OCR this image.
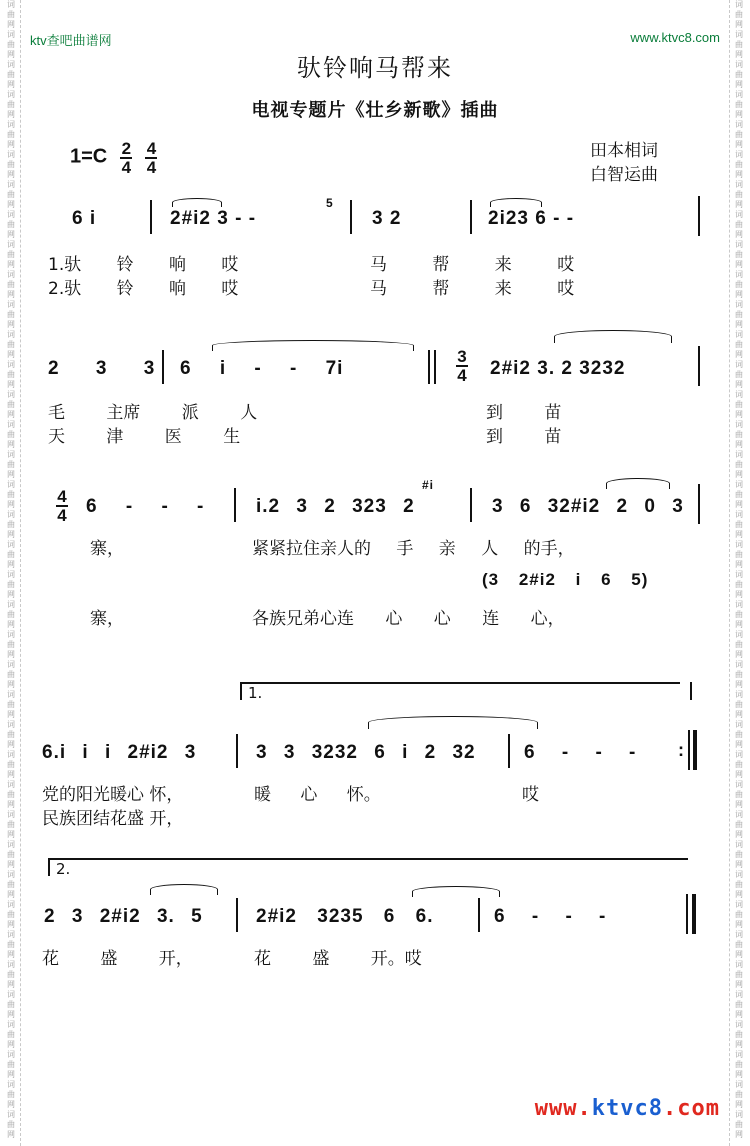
词
曲
网
词
曲
网
词
曲
网
词
曲
网
词
曲
网
词
曲
网
词
曲
网
词
曲
网
词
曲
网
词
曲
网
词
曲
网
词
曲
网
词
曲
网
词
曲
网
词
曲
网
词
曲
网
词
曲
网
词
曲
网
词
曲
网
词
曲
网
词
曲
网
词
曲
网
词
曲
网
词
曲
网
词
曲
网
词
曲
网
词
曲
网
词
曲
网
词
曲
网
词
曲
网
词
曲
网
词
曲
网
词
曲
网
词
曲
网
词
曲
网
词
曲
网
词
曲
网
词
曲
网
词
曲
网
词
曲
网
词
曲
网
词
曲
网
词
曲
网
词
曲
网
词
曲
网
词
曲
网
词
曲
网
词
曲
网
词
曲
网
词
曲
网
词
曲
网
词
曲
网
词
曲
网
词
曲
网
词
曲
网
词
曲
网
词
曲
网
词
曲
网
词
曲
网
词
曲
网
词
曲
网
词
曲
网
词
曲
网
词
曲
网
词
曲
网
词
曲
网
词
曲
网
词
曲
网
词
曲
网
词
曲
网
词
曲
网
词
曲
网
词
曲
网
词
曲
网
词
曲
网
词
曲
网
ktv查吧曲谱网	www.ktvc8.com
驮铃响马帮来
电视专题片《壮乡新歌》插曲
田本相词
白智运曲
$1=C \frac{2}{4}$
$\frac{4}{4}$
6 i	2#i2 3 - -
5
3 2	2i23 6 - -
1.驮 铃 响 哎	马 帮 来 哎
2.驮 铃 响 哎	马 帮 来 哎
2 3 3 6 i - - 7i
3
4 2#i2 3. 2 3232
毛 主席 派 人	到 苗
天 津 医 生	到 苗
4
4 6 - - -	i.2 3 2 323 2
#i
3 6 32#i2 2 0 3
寨，	紧紧拉住亲人的 手 亲 人 的手，
(3 2#i2 i 6 5)
寨，	各族兄弟心连 心 心 连 心，
1.
6.i i i 2#i2 3	3 3 3232 6 i 2 32	6 - - - :
党的阳光暖心 怀，	暖 心 怀。	哎
民族团结花盛 开，
2.
2 3 2#i2 3. 5	2#i2 3235 6 6.	6 - - -
花 盛 开，	花 盛 开。哎
www.ktvc8.com
